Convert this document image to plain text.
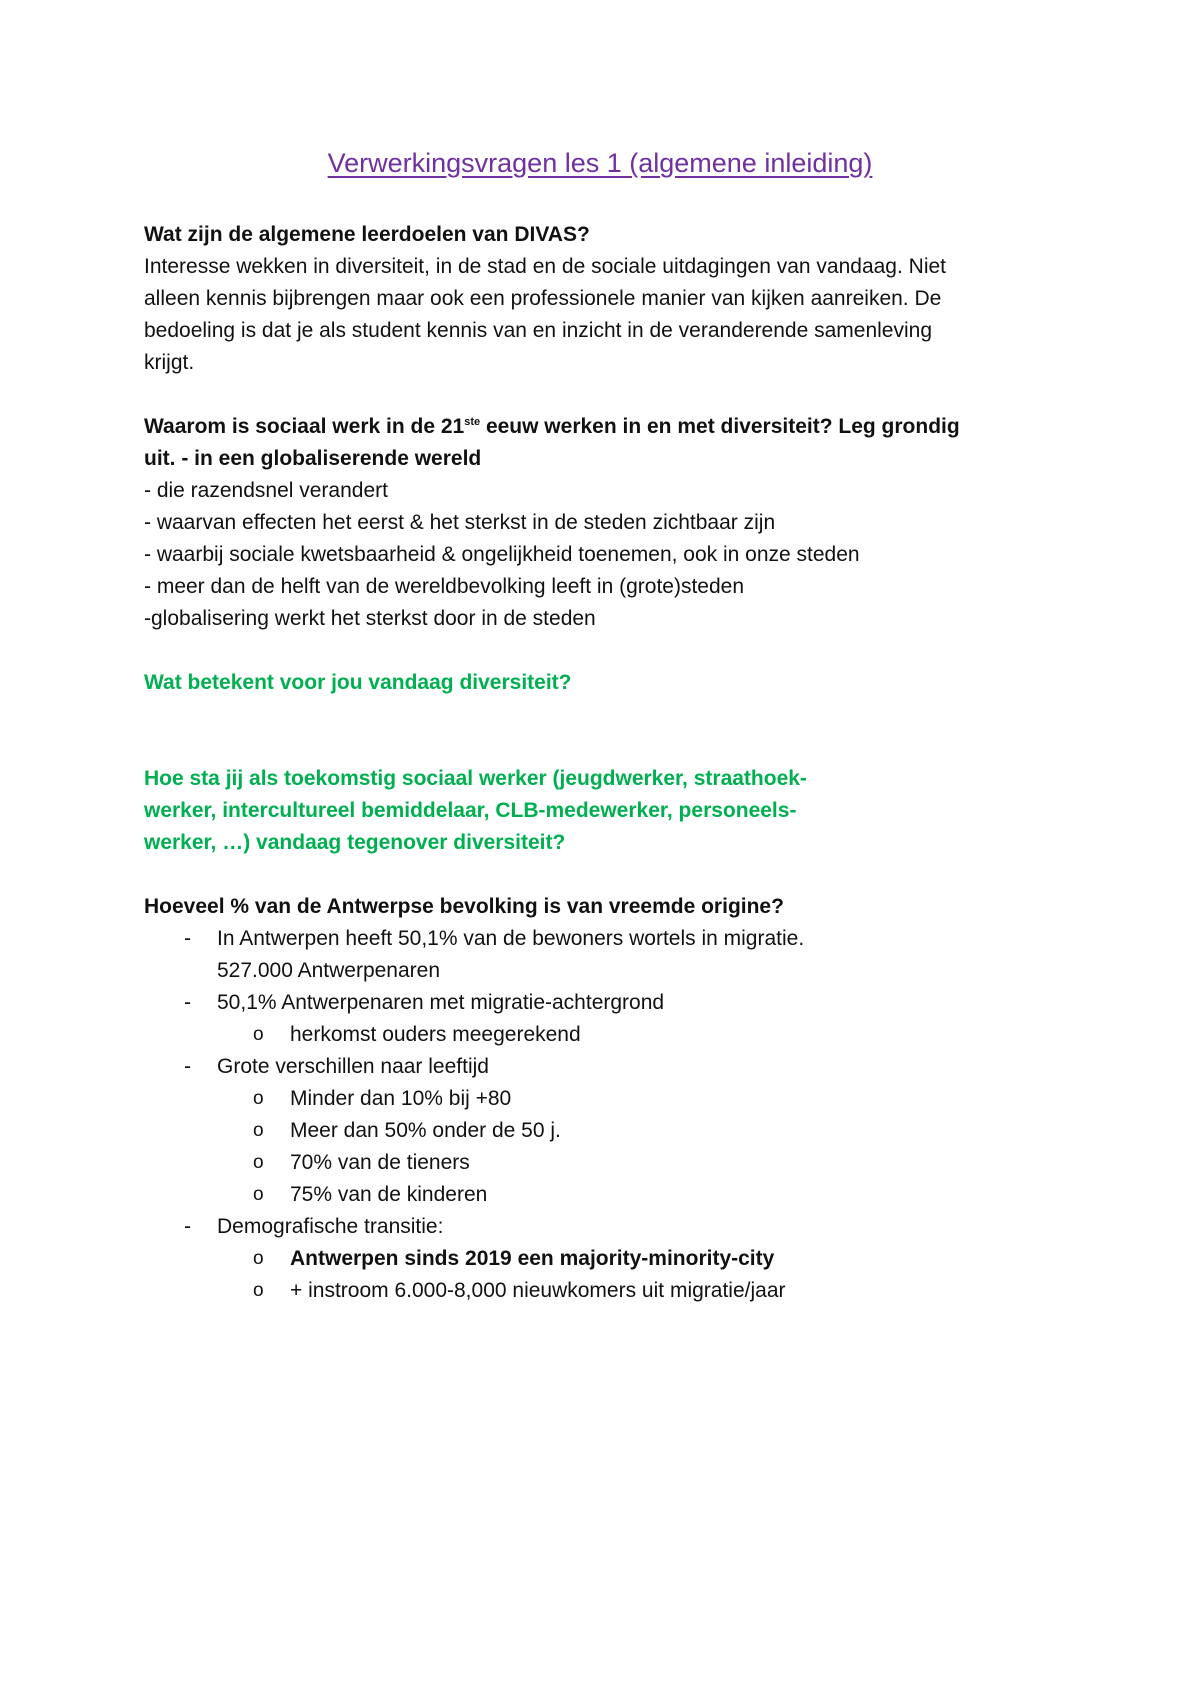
Verwerkingsvragen les 1 (algemene inleiding)

Wat zijn de algemene leerdoelen van DIVAS?

Interesse wekken in diversiteit, in de stad en de sociale uitdagingen van vandaag. Niet

alleen kennis bijbrengen maar ook een professionele manier van kijken aanreiken. De

bedoeling is dat je als student kennis van en inzicht in de veranderende samenleving

krijgt.

Waarom is sociaal werk in de 21ste eeuw werken in en met diversiteit? Leg grondig

uit. - in een globaliserende wereld

- die razendsnel verandert

- waarvan effecten het eerst & het sterkst in de steden zichtbaar zijn

- waarbij sociale kwetsbaarheid & ongelijkheid toenemen, ook in onze steden

- meer dan de helft van de wereldbevolking leeft in (grote)steden

-globalisering werkt het sterkst door in de steden

Wat betekent voor jou vandaag diversiteit?

Hoe sta jij als toekomstig sociaal werker (jeugdwerker, straathoek-

werker, intercultureel bemiddelaar, CLB-medewerker, personeels-

werker, …) vandaag tegenover diversiteit?

Hoeveel % van de Antwerpse bevolking is van vreemde origine?

- In Antwerpen heeft 50,1% van de bewoners wortels in migratie.
527.000 Antwerpenaren
- 50,1% Antwerpenaren met migratie-achtergrond
o herkomst ouders meegerekend
- Grote verschillen naar leeftijd
o Minder dan 10% bij +80
o Meer dan 50% onder de 50 j.
o 70% van de tieners
o 75% van de kinderen
- Demografische transitie:
o Antwerpen sinds 2019 een majority-minority-city
o + instroom 6.000-8,000 nieuwkomers uit migratie/jaar
